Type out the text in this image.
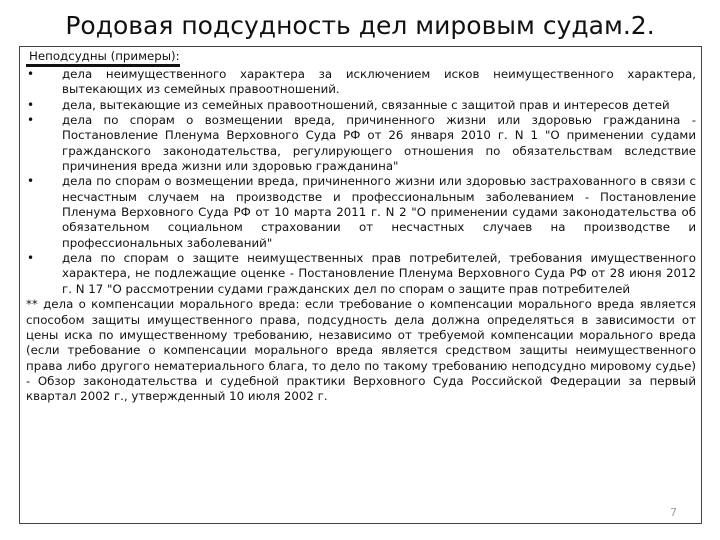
Родовая подсудность дел мировым судам.2.
Неподсудны (примеры):
• дела неимущественного характера за исключением исков неимущественного характера, вытекающих из семейных правоотношений.
• дела, вытекающие из семейных правоотношений, связанные с защитой прав и интересов детей
• дела по спорам о возмещении вреда, причиненного жизни или здоровью гражданина - Постановление Пленума Верховного Суда РФ от 26 января 2010 г. N 1 "О применении судами гражданского законодательства, регулирующего отношения по обязательствам вследствие причинения вреда жизни или здоровью гражданина"
• дела по спорам о возмещении вреда, причиненного жизни или здоровью застрахованного в связи с несчастным случаем на производстве и профессиональным заболеванием - Постановление Пленума Верховного Суда РФ от 10 марта 2011 г. N 2 "О применении судами законодательства об обязательном социальном страховании от несчастных случаев на производстве и профессиональных заболеваний"
• дела по спорам о защите неимущественных прав потребителей, требования имущественного характера, не подлежащие оценке - Постановление Пленума Верховного Суда РФ от 28 июня 2012 г. N 17 "О рассмотрении судами гражданских дел по спорам о защите прав потребителей

** дела о компенсации морального вреда: если требование о компенсации морального вреда является способом защиты имущественного права, подсудность дела должна определяться в зависимости от цены иска по имущественному требованию, независимо от требуемой компенсации морального вреда (если требование о компенсации морального вреда является средством защиты неимущественного права либо другого нематериального блага, то дело по такому требованию неподсудно мировому судье) - Обзор законодательства и судебной практики Верховного Суда Российской Федерации за первый квартал 2002 г., утвержденный 10 июля 2002 г.

7
